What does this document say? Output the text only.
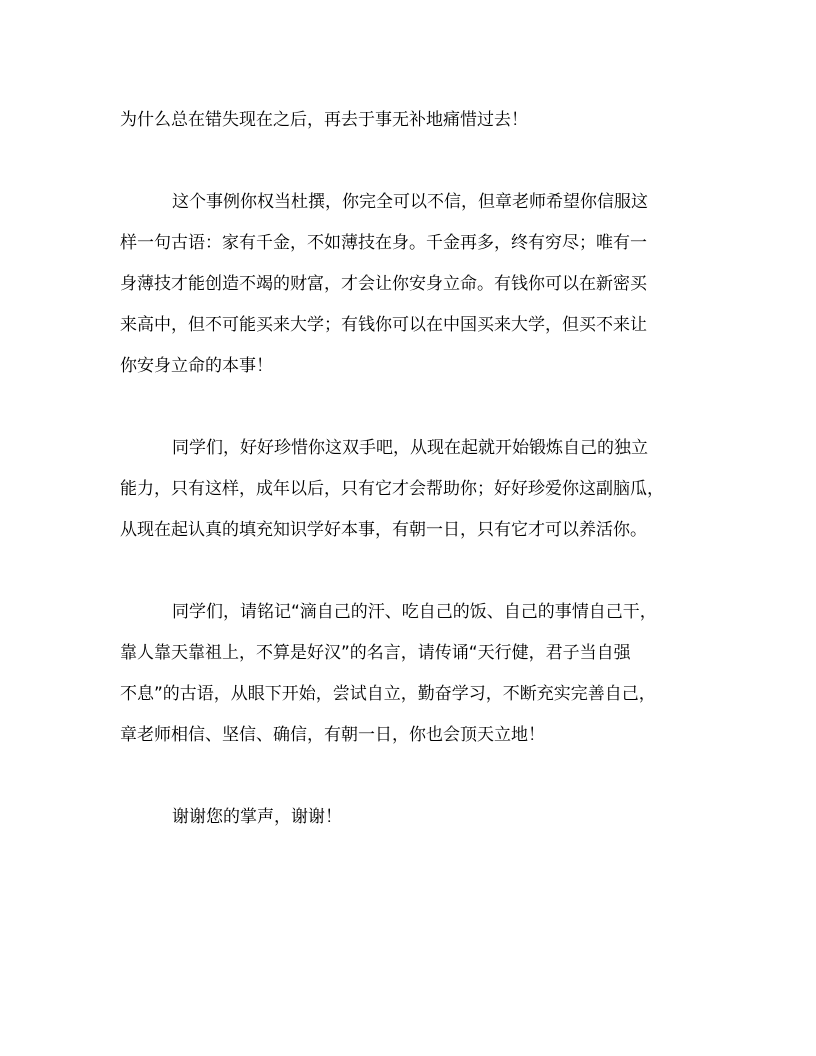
为什么总在错失现在之后，再去于事无补地痛惜过去！
这个事例你权当杜撰，你完全可以不信，但章老师希望你信服这
样一句古语：家有千金，不如薄技在身。千金再多，终有穷尽；唯有一
身薄技才能创造不竭的财富，才会让你安身立命。有钱你可以在新密买
来高中，但不可能买来大学；有钱你可以在中国买来大学，但买不来让
你安身立命的本事！
同学们，好好珍惜你这双手吧，从现在起就开始锻炼自己的独立
能力，只有这样，成年以后，只有它才会帮助你；好好珍爱你这副脑瓜，
从现在起认真的填充知识学好本事，有朝一日，只有它才可以养活你。
同学们，请铭记“滴自己的汗、吃自己的饭、自己的事情自己干，
靠人靠天靠祖上，不算是好汉”的名言，请传诵“天行健，君子当自强
不息”的古语，从眼下开始，尝试自立，勤奋学习，不断充实完善自己，
章老师相信、坚信、确信，有朝一日，你也会顶天立地！
谢谢您的掌声，谢谢！
